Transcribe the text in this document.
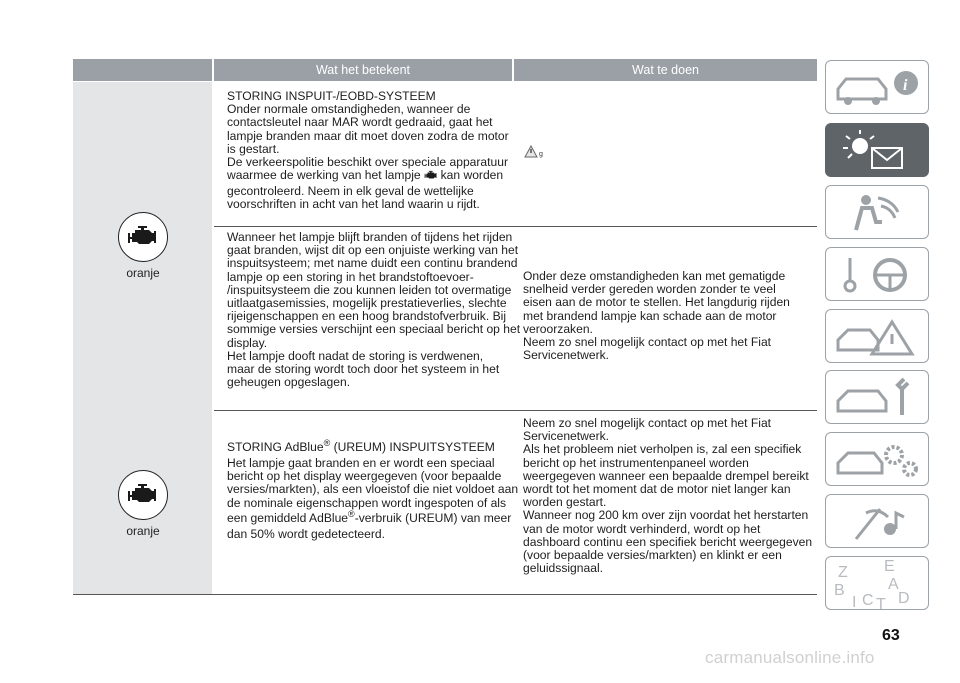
Wat het betekent	Wat te doen
oranje
STORING INSPUIT-/EOBD-SYSTEEM
Onder normale omstandigheden, wanneer de
contactsleutel naar MAR wordt gedraaid, gaat het
lampje branden maar dit moet doven zodra de motor
is gestart.
De verkeerspolitie beschikt over speciale apparatuur
waarmee de werking van het lampje kan worden
gecontroleerd. Neem in elk geval de wettelijke
voorschriften in acht van het land waarin u rijdt.
g
Wanneer het lampje blijft branden of tijdens het rijden
gaat branden, wijst dit op een onjuiste werking van het
inspuitsysteem; met name duidt een continu brandend
lampje op een storing in het brandstoftoevoer-
/inspuitsysteem die zou kunnen leiden tot overmatige
uitlaatgasemissies, mogelijk prestatieverlies, slechte
rijeigenschappen en een hoog brandstofverbruik. Bij
sommige versies verschijnt een speciaal bericht op het
display.
Het lampje dooft nadat de storing is verdwenen,
maar de storing wordt toch door het systeem in het
geheugen opgeslagen.
Onder deze omstandigheden kan met gematigde
snelheid verder gereden worden zonder te veel
eisen aan de motor te stellen. Het langdurig rijden
met brandend lampje kan schade aan de motor
veroorzaken.
Neem zo snel mogelijk contact op met het Fiat
Servicenetwerk.
oranje
STORING AdBlue® (UREUM) INSPUITSYSTEEM
Het lampje gaat branden en er wordt een speciaal
bericht op het display weergegeven (voor bepaalde
versies/markten), als een vloeistof die niet voldoet aan
de nominale eigenschappen wordt ingespoten of als
een gemiddeld AdBlue®-verbruik (UREUM) van meer
dan 50% wordt gedetecteerd.
Neem zo snel mogelijk contact op met het Fiat
Servicenetwerk.
Als het probleem niet verholpen is, zal een specifiek
bericht op het instrumentenpaneel worden
weergegeven wanneer een bepaalde drempel bereikt
wordt tot het moment dat de motor niet langer kan
worden gestart.
Wanneer nog 200 km over zijn voordat het herstarten
van de motor wordt verhinderd, wordt op het
dashboard continu een specifiek bericht weergegeven
(voor bepaalde versies/markten) en klinkt er een
geluidssignaal.
i
Z E
B	A
I C T D
63
carmanualsonline.info
